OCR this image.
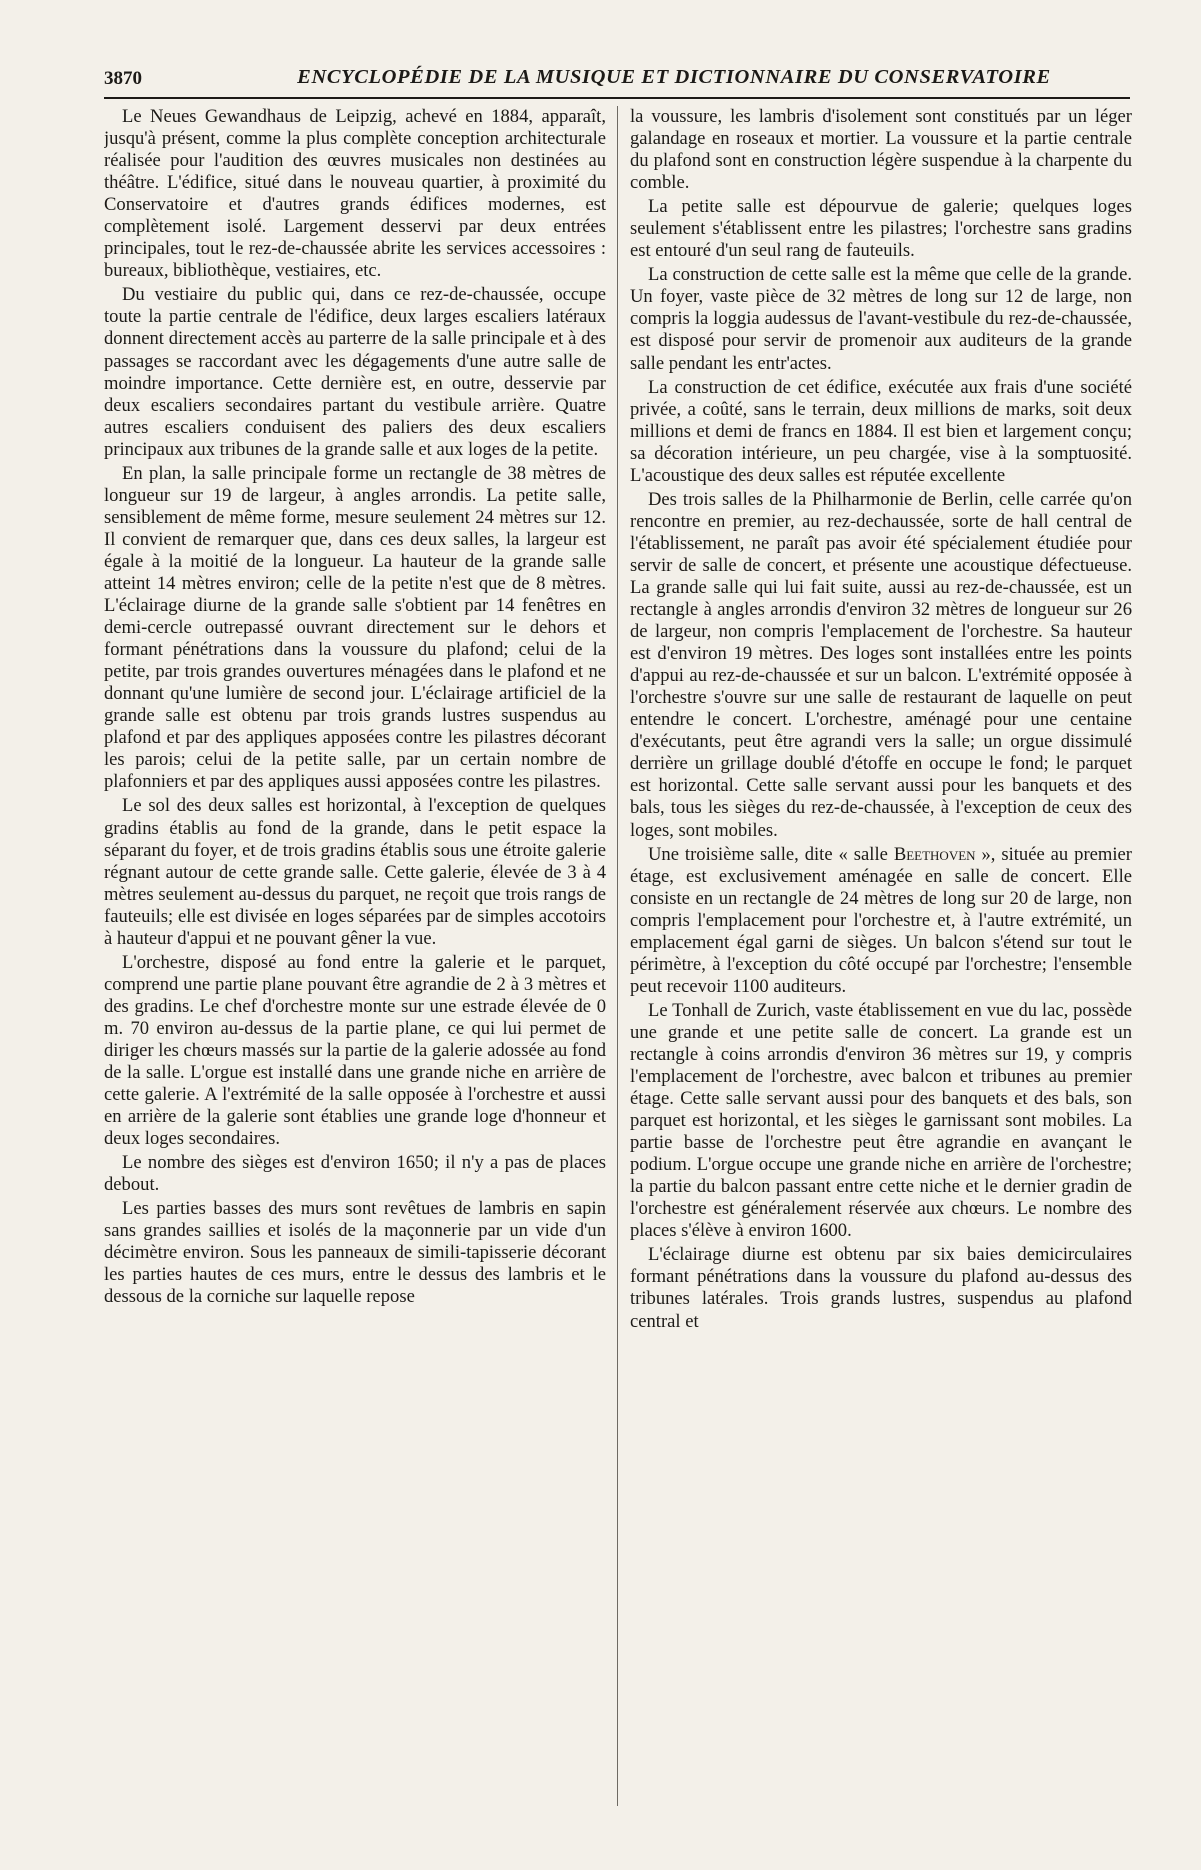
3870	ENCYCLOPÉDIE DE LA MUSIQUE ET DICTIONNAIRE DU CONSERVATOIRE

Le Neues Gewandhaus de Leipzig, achevé en 1884, apparaît, jusqu'à présent, comme la plus complète conception architecturale réalisée pour l'audition des œuvres musicales non destinées au théâtre. L'édifice, situé dans le nouveau quartier, à proximité du Conservatoire et d'autres grands édifices modernes, est complètement isolé. Largement desservi par deux entrées principales, tout le rez-de-chaussée abrite les services accessoires : bureaux, bibliothèque, vestiaires, etc.

Du vestiaire du public qui, dans ce rez-de-chaussée, occupe toute la partie centrale de l'édifice, deux larges escaliers latéraux donnent directement accès au parterre de la salle principale et à des passages se raccordant avec les dégagements d'une autre salle de moindre importance. Cette dernière est, en outre, desservie par deux escaliers secondaires partant du vestibule arrière. Quatre autres escaliers conduisent des paliers des deux escaliers principaux aux tribunes de la grande salle et aux loges de la petite.

En plan, la salle principale forme un rectangle de 38 mètres de longueur sur 19 de largeur, à angles arrondis. La petite salle, sensiblement de même forme, mesure seulement 24 mètres sur 12. Il convient de remarquer que, dans ces deux salles, la largeur est égale à la moitié de la longueur. La hauteur de la grande salle atteint 14 mètres environ; celle de la petite n'est que de 8 mètres. L'éclairage diurne de la grande salle s'obtient par 14 fenêtres en demi-cercle outrepassé ouvrant directement sur le dehors et formant pénétrations dans la voussure du plafond; celui de la petite, par trois grandes ouvertures ménagées dans le plafond et ne donnant qu'une lumière de second jour. L'éclairage artificiel de la grande salle est obtenu par trois grands lustres suspendus au plafond et par des appliques apposées contre les pilastres décorant les parois; celui de la petite salle, par un certain nombre de plafonniers et par des appliques aussi apposées contre les pilastres.

Le sol des deux salles est horizontal, à l'exception de quelques gradins établis au fond de la grande, dans le petit espace la séparant du foyer, et de trois gradins établis sous une étroite galerie régnant autour de cette grande salle. Cette galerie, élevée de 3 à 4 mètres seulement au-dessus du parquet, ne reçoit que trois rangs de fauteuils; elle est divisée en loges séparées par de simples accotoirs à hauteur d'appui et ne pouvant gêner la vue.

L'orchestre, disposé au fond entre la galerie et le parquet, comprend une partie plane pouvant être agrandie de 2 à 3 mètres et des gradins. Le chef d'orchestre monte sur une estrade élevée de 0 m. 70 environ au-dessus de la partie plane, ce qui lui permet de diriger les chœurs massés sur la partie de la galerie adossée au fond de la salle. L'orgue est installé dans une grande niche en arrière de cette galerie. A l'extrémité de la salle opposée à l'orchestre et aussi en arrière de la galerie sont établies une grande loge d'honneur et deux loges secondaires.

Le nombre des sièges est d'environ 1650; il n'y a pas de places debout.

Les parties basses des murs sont revêtues de lambris en sapin sans grandes saillies et isolés de la maçonnerie par un vide d'un décimètre environ. Sous les panneaux de simili-tapisserie décorant les parties hautes de ces murs, entre le dessus des lambris et le dessous de la corniche sur laquelle repose

la voussure, les lambris d'isolement sont constitués par un léger galandage en roseaux et mortier. La voussure et la partie centrale du plafond sont en construction légère suspendue à la charpente du comble.

La petite salle est dépourvue de galerie; quelques loges seulement s'établissent entre les pilastres; l'orchestre sans gradins est entouré d'un seul rang de fauteuils.

La construction de cette salle est la même que celle de la grande. Un foyer, vaste pièce de 32 mètres de long sur 12 de large, non compris la loggia audessus de l'avant-vestibule du rez-de-chaussée, est disposé pour servir de promenoir aux auditeurs de la grande salle pendant les entr'actes.

La construction de cet édifice, exécutée aux frais d'une société privée, a coûté, sans le terrain, deux millions de marks, soit deux millions et demi de francs en 1884. Il est bien et largement conçu; sa décoration intérieure, un peu chargée, vise à la somptuosité. L'acoustique des deux salles est réputée excellente

Des trois salles de la Philharmonie de Berlin, celle carrée qu'on rencontre en premier, au rez-dechaussée, sorte de hall central de l'établissement, ne paraît pas avoir été spécialement étudiée pour servir de salle de concert, et présente une acoustique défectueuse. La grande salle qui lui fait suite, aussi au rez-de-chaussée, est un rectangle à angles arrondis d'environ 32 mètres de longueur sur 26 de largeur, non compris l'emplacement de l'orchestre. Sa hauteur est d'environ 19 mètres. Des loges sont installées entre les points d'appui au rez-de-chaussée et sur un balcon. L'extrémité opposée à l'orchestre s'ouvre sur une salle de restaurant de laquelle on peut entendre le concert. L'orchestre, aménagé pour une centaine d'exécutants, peut être agrandi vers la salle; un orgue dissimulé derrière un grillage doublé d'étoffe en occupe le fond; le parquet est horizontal. Cette salle servant aussi pour les banquets et des bals, tous les sièges du rez-de-chaussée, à l'exception de ceux des loges, sont mobiles.

Une troisième salle, dite « salle Beethoven », située au premier étage, est exclusivement aménagée en salle de concert. Elle consiste en un rectangle de 24 mètres de long sur 20 de large, non compris l'emplacement pour l'orchestre et, à l'autre extrémité, un emplacement égal garni de sièges. Un balcon s'étend sur tout le périmètre, à l'exception du côté occupé par l'orchestre; l'ensemble peut recevoir 1100 auditeurs.

Le Tonhall de Zurich, vaste établissement en vue du lac, possède une grande et une petite salle de concert. La grande est un rectangle à coins arrondis d'environ 36 mètres sur 19, y compris l'emplacement de l'orchestre, avec balcon et tribunes au premier étage. Cette salle servant aussi pour des banquets et des bals, son parquet est horizontal, et les sièges le garnissant sont mobiles. La partie basse de l'orchestre peut être agrandie en avançant le podium. L'orgue occupe une grande niche en arrière de l'orchestre; la partie du balcon passant entre cette niche et le dernier gradin de l'orchestre est généralement réservée aux chœurs. Le nombre des places s'élève à environ 1600.

L'éclairage diurne est obtenu par six baies demicirculaires formant pénétrations dans la voussure du plafond au-dessus des tribunes latérales. Trois grands lustres, suspendus au plafond central et
